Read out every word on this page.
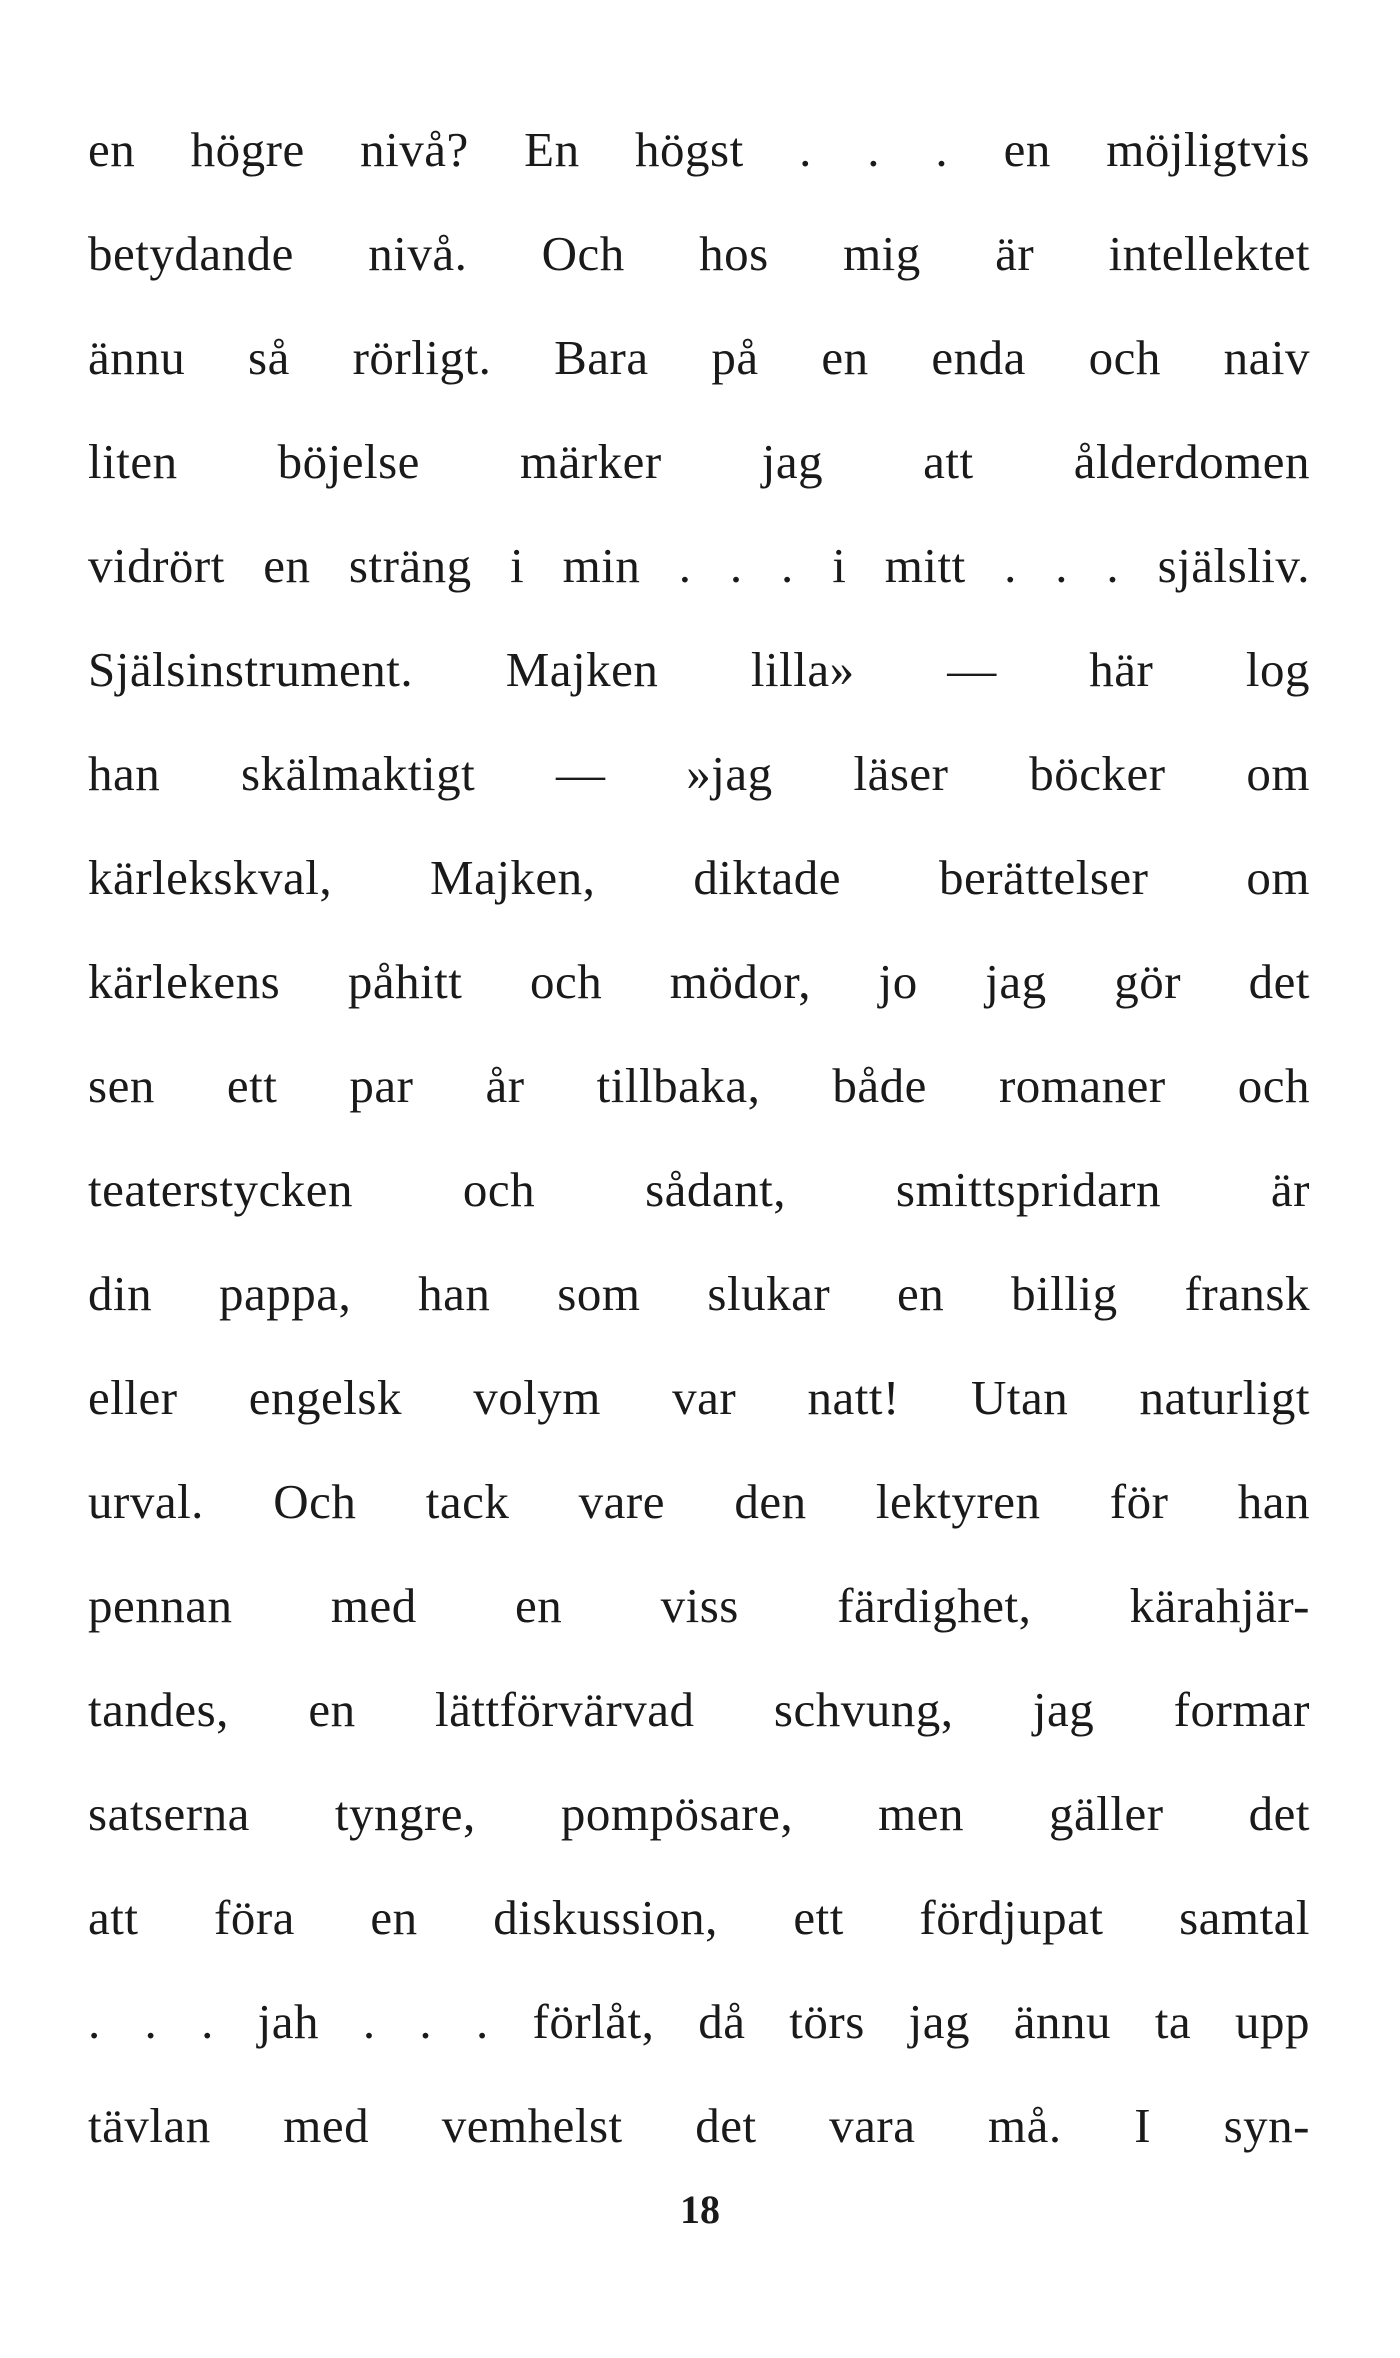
en högre nivå? En högst . . . en möjligtvis
betydande nivå. Och hos mig är intellektet
ännu så rörligt. Bara på en enda och naiv
liten böjelse märker jag att ålderdomen
vidrört en sträng i min . . . i mitt . . . själsliv.
Själsinstrument. Majken lilla» — här log
han skälmaktigt — »jag läser böcker om
kärlekskval, Majken, diktade berättelser om
kärlekens påhitt och mödor, jo jag gör det
sen ett par år tillbaka, både romaner och
teaterstycken och sådant, smittspridarn är
din pappa, han som slukar en billig fransk
eller engelsk volym var natt! Utan naturligt
urval. Och tack vare den lektyren för han
pennan med en viss färdighet, kärahjär-
tandes, en lättförvärvad schvung, jag formar
satserna tyngre, pompösare, men gäller det
att föra en diskussion, ett fördjupat samtal
. . . jah . . . förlåt, då törs jag ännu ta upp
tävlan med vemhelst det vara må. I syn-
18
